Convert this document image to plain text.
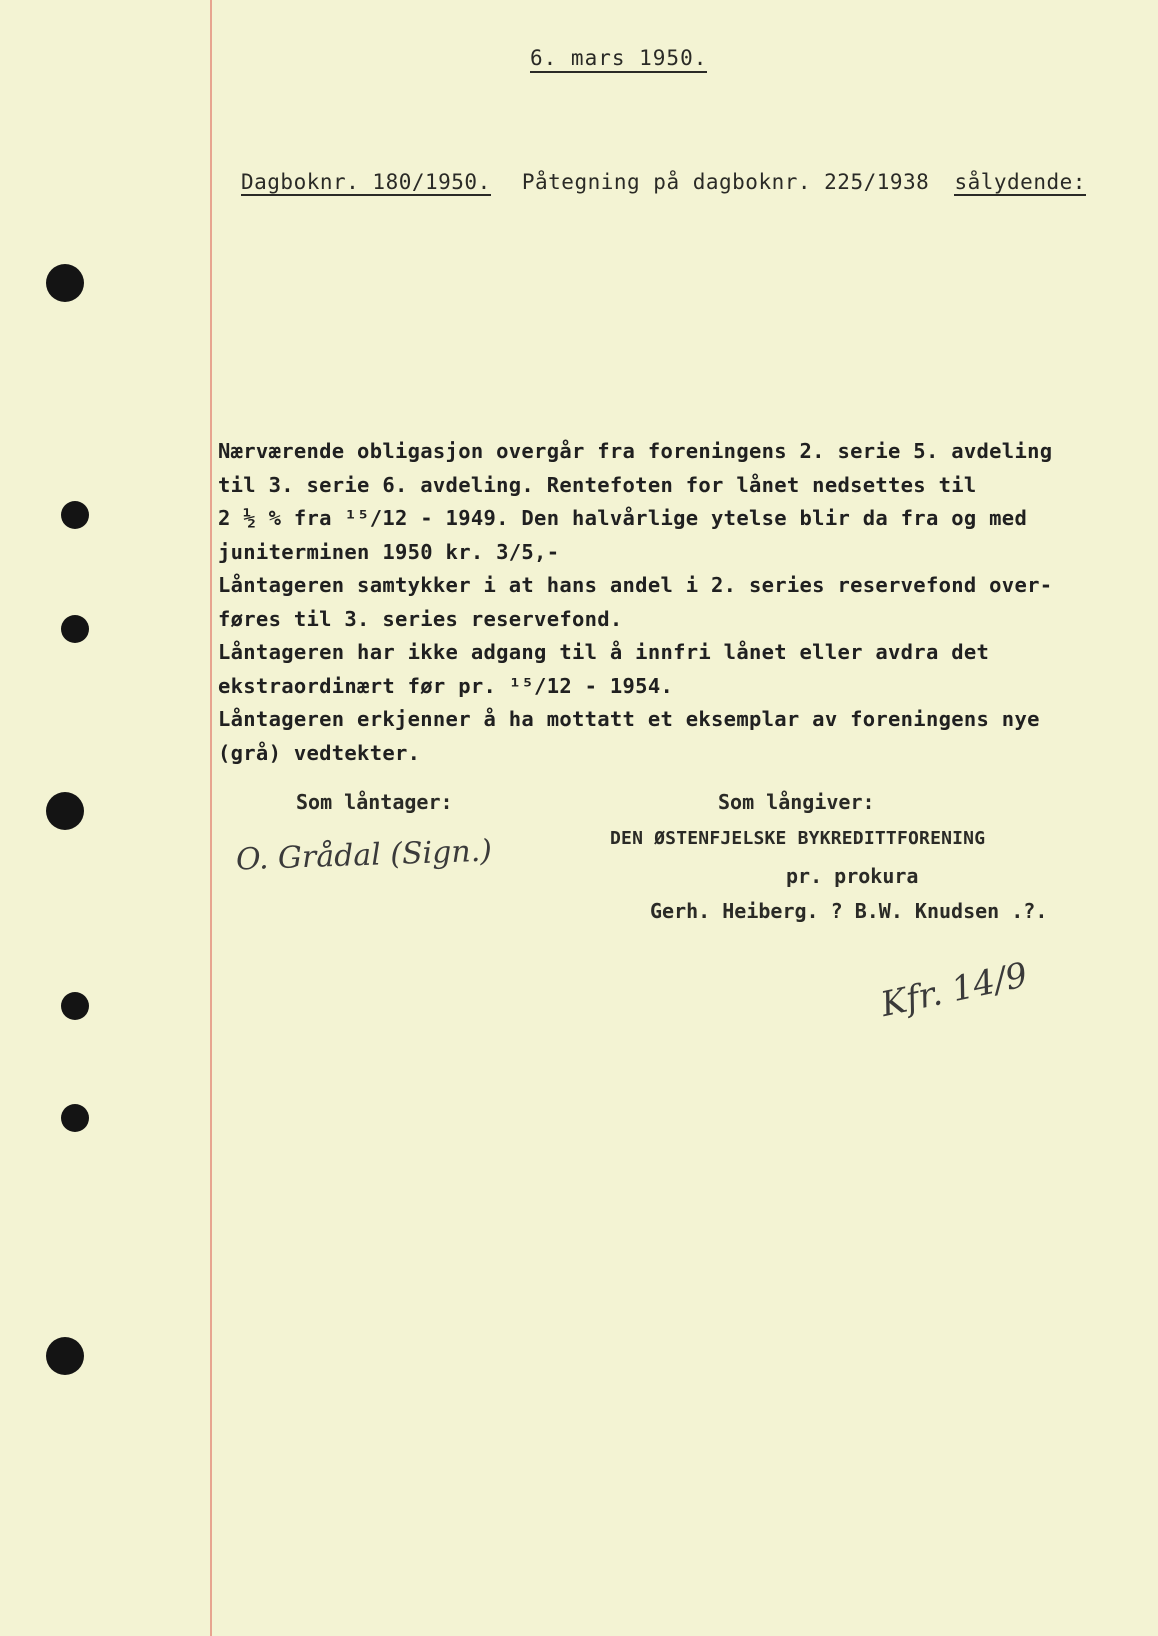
6. mars 1950.
Dagboknr. 180/1950. Påtegning på dagboknr. 225/1938 sålydende:
Nærværende obligasjon overgår fra foreningens 2. serie 5. avdeling
til 3. serie 6. avdeling. Rentefoten for lånet nedsettes til
2 ½ % fra ¹⁵/12 - 1949. Den halvårlige ytelse blir da fra og med
juniterminen 1950 kr. 3/5,-
Låntageren samtykker i at hans andel i 2. series reservefond over-
føres til 3. series reservefond.
Låntageren har ikke adgang til å innfri lånet eller avdra det
ekstraordinært før pr. ¹⁵/12 - 1954.
Låntageren erkjenner å ha mottatt et eksemplar av foreningens nye
(grå) vedtekter.
Som låntager:
O. Grådal (Sign.)
Som långiver:
DEN ØSTENFJELSKE BYKREDITTFORENING
pr. prokura
Gerh. Heiberg. ? B.W. Knudsen .?.
Kfr. 14/9
